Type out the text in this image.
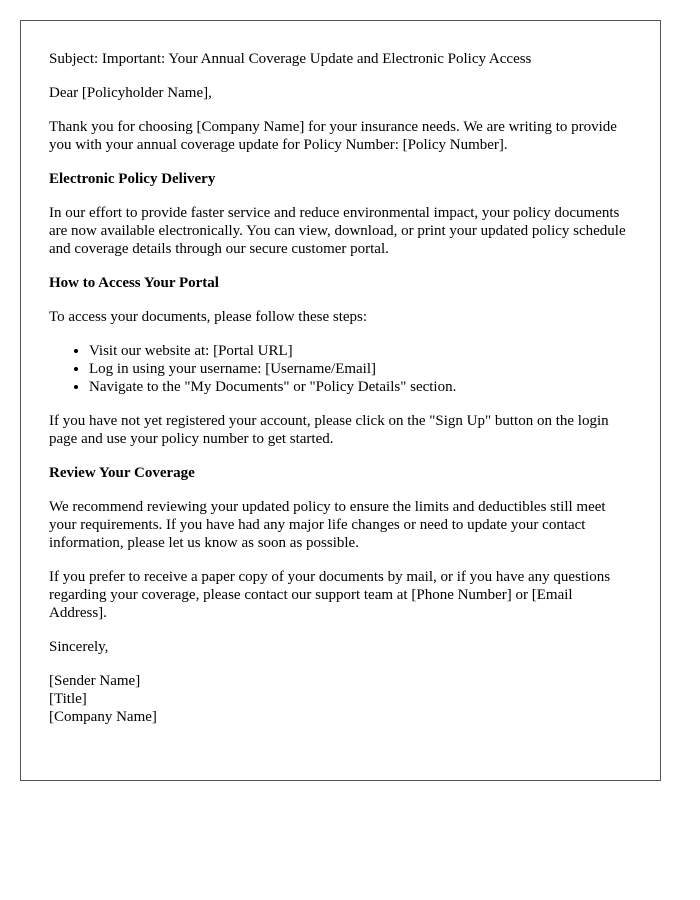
Subject: Important: Your Annual Coverage Update and Electronic Policy Access

Dear [Policyholder Name],

Thank you for choosing [Company Name] for your insurance needs. We are writing to provide you with your annual coverage update for Policy Number: [Policy Number].

Electronic Policy Delivery

In our effort to provide faster service and reduce environmental impact, your policy documents are now available electronically. You can view, download, or print your updated policy schedule and coverage details through our secure customer portal.

How to Access Your Portal

To access your documents, please follow these steps:

• Visit our website at: [Portal URL]
• Log in using your username: [Username/Email]
• Navigate to the "My Documents" or "Policy Details" section.

If you have not yet registered your account, please click on the "Sign Up" button on the login page and use your policy number to get started.

Review Your Coverage

We recommend reviewing your updated policy to ensure the limits and deductibles still meet your requirements. If you have had any major life changes or need to update your contact information, please let us know as soon as possible.

If you prefer to receive a paper copy of your documents by mail, or if you have any questions regarding your coverage, please contact our support team at [Phone Number] or [Email Address].

Sincerely,

[Sender Name]
[Title]
[Company Name]
